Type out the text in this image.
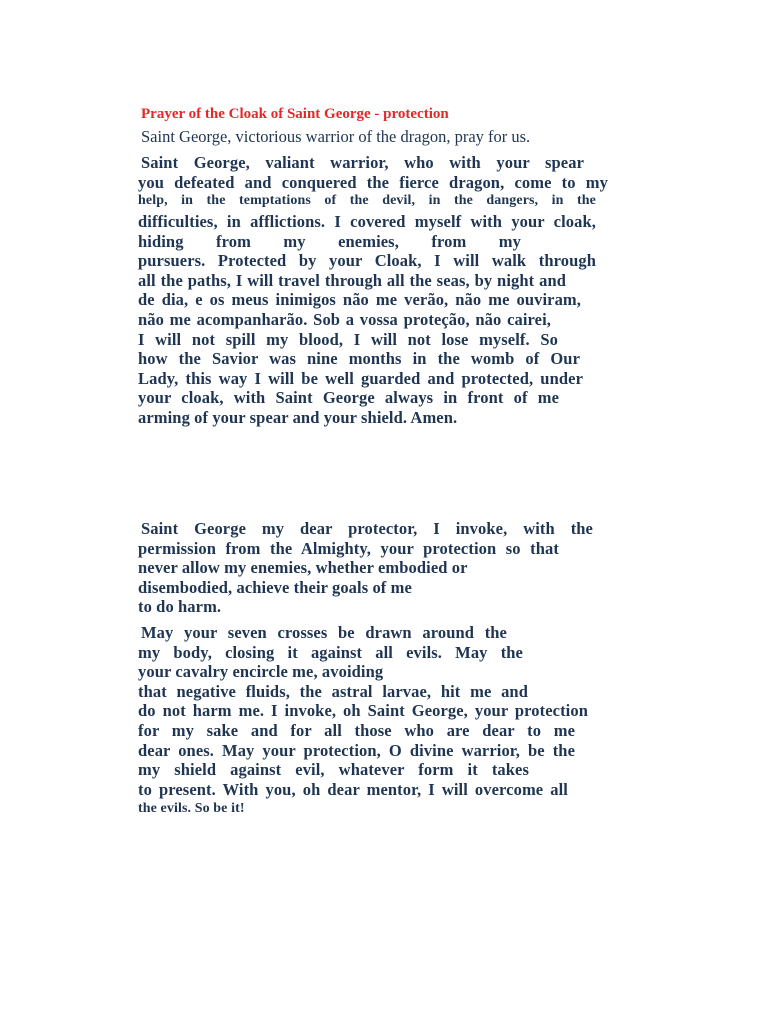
Prayer of the Cloak of Saint George - protection
Saint George, victorious warrior of the dragon, pray for us.
Saint George, valiant warrior, who with your spear
you defeated and conquered the fierce dragon, come to my
help, in the temptations of the devil, in the dangers, in the
difficulties, in afflictions. I covered myself with your cloak,
hiding from my enemies, from my
pursuers. Protected by your Cloak, I will walk through
all the paths, I will travel through all the seas, by night and
de dia, e os meus inimigos não me verão, não me ouviram,
não me acompanharão. Sob a vossa proteção, não cairei,
I will not spill my blood, I will not lose myself. So
how the Savior was nine months in the womb of Our
Lady, this way I will be well guarded and protected, under
your cloak, with Saint George always in front of me
arming of your spear and your shield. Amen.
Saint George my dear protector, I invoke, with the
permission from the Almighty, your protection so that
never allow my enemies, whether embodied or
disembodied, achieve their goals of me
to do harm.
May your seven crosses be drawn around the
my body, closing it against all evils. May the
your cavalry encircle me, avoiding
that negative fluids, the astral larvae, hit me and
do not harm me. I invoke, oh Saint George, your protection
for my sake and for all those who are dear to me
dear ones. May your protection, O divine warrior, be the
my shield against evil, whatever form it takes
to present. With you, oh dear mentor, I will overcome all
the evils. So be it!
